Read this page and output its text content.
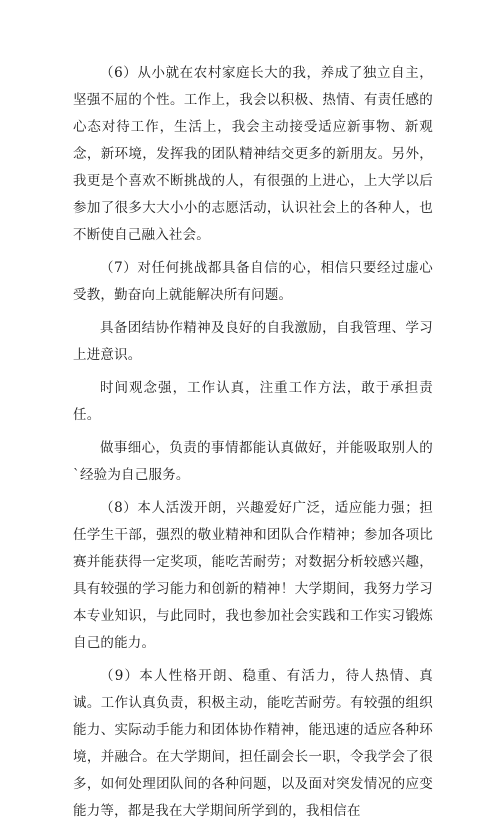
（6）从小就在农村家庭长大的我，养成了独立自主，坚强不屈的个性。工作上，我会以积极、热情、有责任感的心态对待工作，生活上，我会主动接受适应新事物、新观念，新环境，发挥我的团队精神结交更多的新朋友。另外，我更是个喜欢不断挑战的人，有很强的上进心，上大学以后参加了很多大大小小的志愿活动，认识社会上的各种人，也不断使自己融入社会。

（7）对任何挑战都具备自信的心，相信只要经过虚心受教，勤奋向上就能解决所有问题。

具备团结协作精神及良好的自我激励，自我管理、学习上进意识。

时间观念强，工作认真，注重工作方法，敢于承担责任。

做事细心，负责的事情都能认真做好，并能吸取别人的`经验为自己服务。

（8）本人活泼开朗，兴趣爱好广泛，适应能力强；担任学生干部，强烈的敬业精神和团队合作精神；参加各项比赛并能获得一定奖项，能吃苦耐劳；对数据分析较感兴趣，具有较强的学习能力和创新的精神！大学期间，我努力学习本专业知识，与此同时，我也参加社会实践和工作实习锻炼自己的能力。

（9）本人性格开朗、稳重、有活力，待人热情、真诚。工作认真负责，积极主动，能吃苦耐劳。有较强的组织能力、实际动手能力和团体协作精神，能迅速的适应各种环境，并融合。在大学期间，担任副会长一职，令我学会了很多，如何处理团队间的各种问题，以及面对突发情况的应变能力等，都是我在大学期间所学到的，我相信在
